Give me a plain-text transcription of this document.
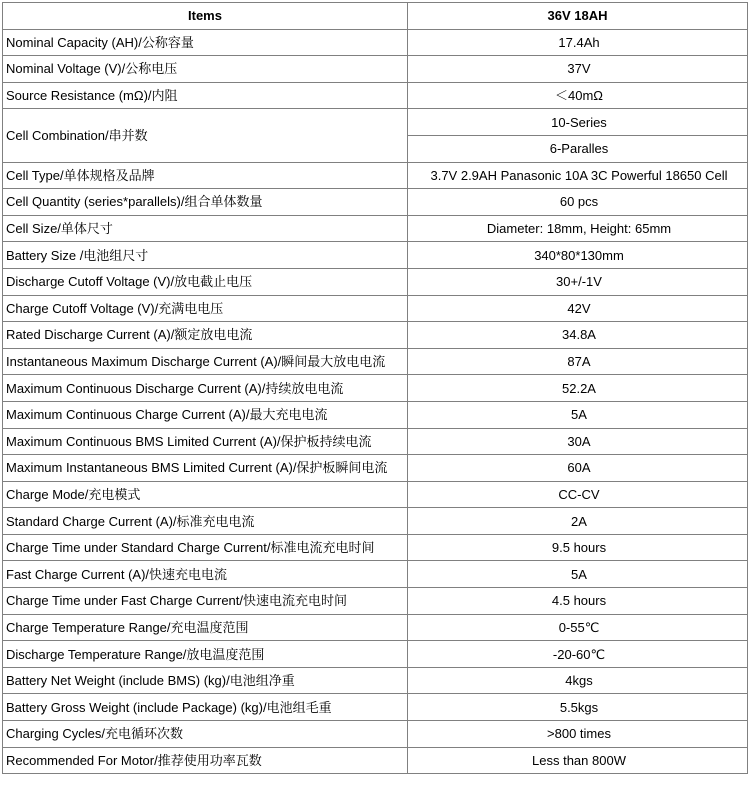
Items	36V 18AH
Nominal Capacity (AH)/公称容量	17.4Ah
Nominal Voltage (V)/公称电压	37V
Source Resistance (mΩ)/内阻	＜40mΩ
Cell Combination/串并数	10-Series
	6-Paralles
Cell Type/单体规格及品牌	3.7V 2.9AH Panasonic 10A 3C Powerful 18650 Cell
Cell Quantity (series*parallels)/组合单体数量	60 pcs
Cell Size/单体尺寸	Diameter: 18mm, Height: 65mm
Battery Size /电池组尺寸	340*80*130mm
Discharge Cutoff Voltage (V)/放电截止电压	30+/-1V
Charge Cutoff Voltage (V)/充满电电压	42V
Rated Discharge Current (A)/额定放电电流	34.8A
Instantaneous Maximum Discharge Current (A)/瞬间最大放电电流	87A
Maximum Continuous Discharge Current (A)/持续放电电流	52.2A
Maximum Continuous Charge Current (A)/最大充电电流	5A
Maximum Continuous BMS Limited Current (A)/保护板持续电流	30A
Maximum Instantaneous BMS Limited Current (A)/保护板瞬间电流	60A
Charge Mode/充电模式	CC-CV
Standard Charge Current (A)/标准充电电流	2A
Charge Time under Standard Charge Current/标准电流充电时间	9.5 hours
Fast Charge Current (A)/快速充电电流	5A
Charge Time under Fast Charge Current/快速电流充电时间	4.5 hours
Charge Temperature Range/充电温度范围	0-55℃
Discharge Temperature Range/放电温度范围	-20-60℃
Battery Net Weight (include BMS) (kg)/电池组净重	4kgs
Battery Gross Weight (include Package) (kg)/电池组毛重	5.5kgs
Charging Cycles/充电循环次数	>800 times
Recommended For Motor/推荐使用功率瓦数	Less than 800W
